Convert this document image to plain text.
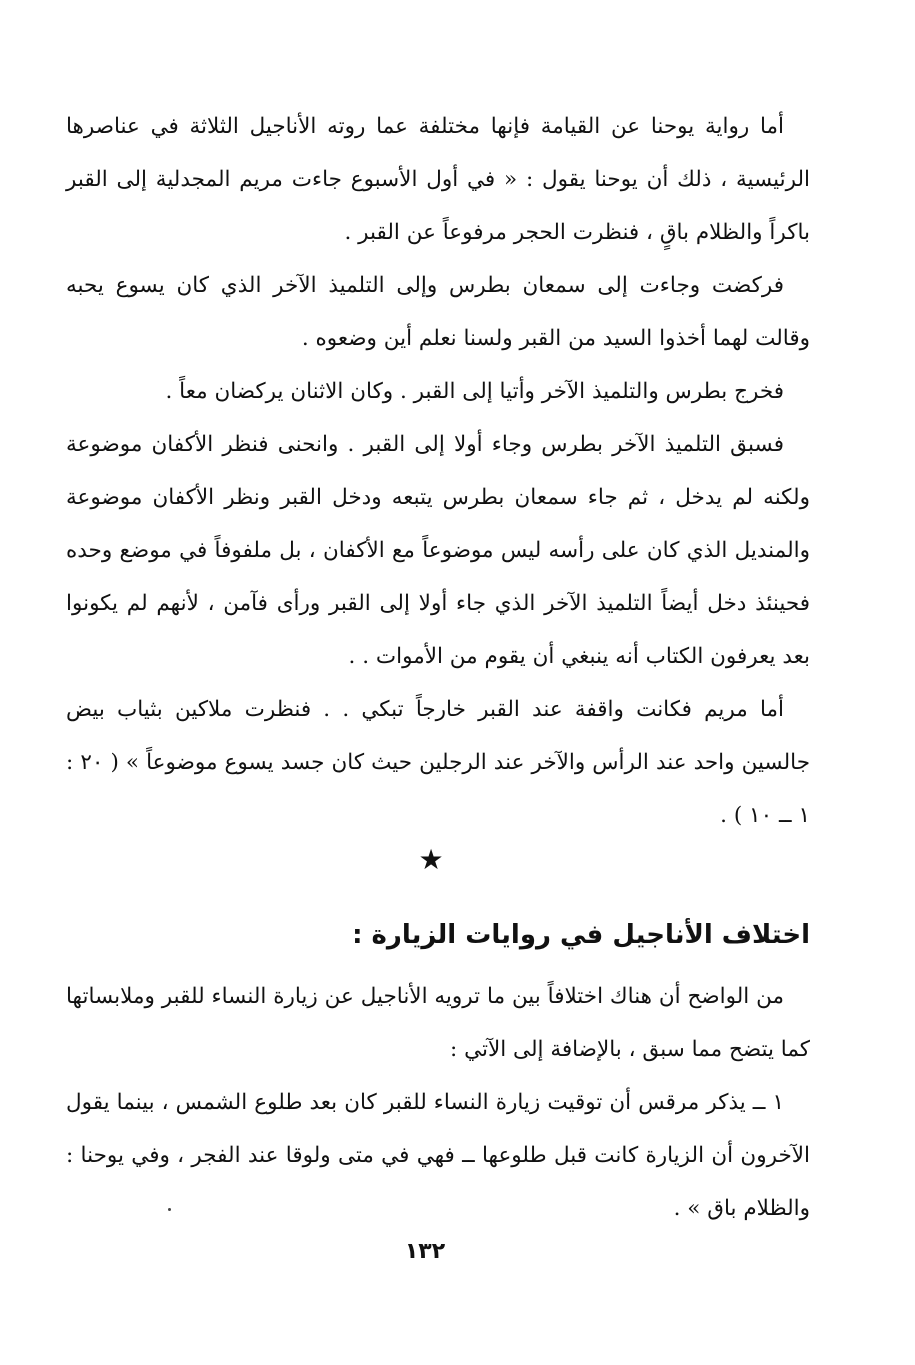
أما رواية يوحنا عن القيامة فإنها مختلفة عما روته الأناجيل الثلاثة في عناصرها الرئيسية ، ذلك أن يوحنا يقول : « في أول الأسبوع جاءت مريم المجدلية إلى القبر باكراً والظلام باقٍ ، فنظرت الحجر مرفوعاً عن القبر .

فركضت وجاءت إلى سمعان بطرس وإلى التلميذ الآخر الذي كان يسوع يحبه وقالت لهما أخذوا السيد من القبر ولسنا نعلم أين وضعوه .

فخرج بطرس والتلميذ الآخر وأتيا إلى القبر . وكان الاثنان يركضان معاً .

فسبق التلميذ الآخر بطرس وجاء أولا إلى القبر . وانحنى فنظر الأكفان موضوعة ولكنه لم يدخل ، ثم جاء سمعان بطرس يتبعه ودخل القبر ونظر الأكفان موضوعة والمنديل الذي كان على رأسه ليس موضوعاً مع الأكفان ، بل ملفوفاً في موضع وحده فحينئذ دخل أيضاً التلميذ الآخر الذي جاء أولا إلى القبر ورأى فآمن ، لأنهم لم يكونوا بعد يعرفون الكتاب أنه ينبغي أن يقوم من الأموات . .

أما مريم فكانت واقفة عند القبر خارجاً تبكي . . فنظرت ملاكين بثياب بيض جالسين واحد عند الرأس والآخر عند الرجلين حيث كان جسد يسوع موضوعاً » ( ٢٠ : ١ ــ ١٠ ) .

★
اختلاف الأناجيل في روايات الزيارة :

من الواضح أن هناك اختلافاً بين ما ترويه الأناجيل عن زيارة النساء للقبر وملابساتها كما يتضح مما سبق ، بالإضافة إلى الآتي :

١ ــ يذكر مرقس أن توقيت زيارة النساء للقبر كان بعد طلوع الشمس ، بينما يقول الآخرون أن الزيارة كانت قبل طلوعها ــ فهي في متى ولوقا عند الفجر ، وفي يوحنا : والظلام باق » .

١٣٢
